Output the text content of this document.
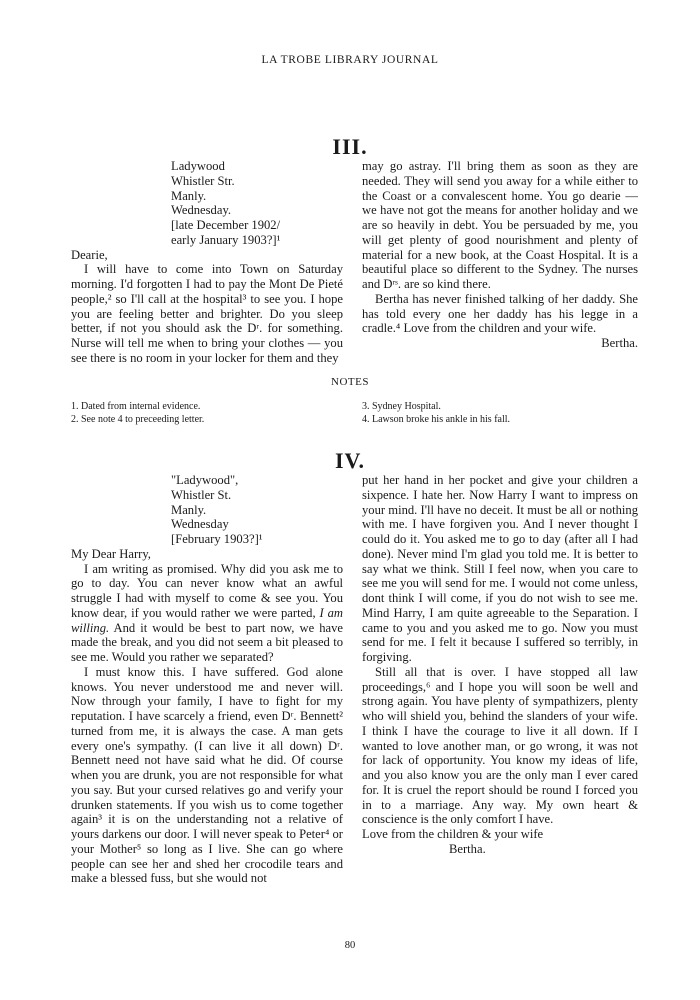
LA TROBE LIBRARY JOURNAL
III.
Ladywood
Whistler Str.
Manly.
Wednesday.
[late December 1902/
early January 1903?]¹

Dearie,

I will have to come into Town on Saturday morning. I'd forgotten I had to pay the Mont De Pieté people,² so I'll call at the hospital³ to see you. I hope you are feeling better and brighter. Do you sleep better, if not you should ask the Dʳ. for something. Nurse will tell me when to bring your clothes — you see there is no room in your locker for them and they

may go astray. I'll bring them as soon as they are needed. They will send you away for a while either to the Coast or a convalescent home. You go dearie — we have not got the means for another holiday and we are so heavily in debt. You be persuaded by me, you will get plenty of good nourishment and plenty of material for a new book, at the Coast Hospital. It is a beautiful place so different to the Sydney. The nurses and Dʳˢ. are so kind there.

Bertha has never finished talking of her daddy. She has told every one her daddy has his legge in a cradle.⁴ Love from the children and your wife.

Bertha.

NOTES
1. Dated from internal evidence.
2. See note 4 to preceeding letter.
3. Sydney Hospital.
4. Lawson broke his ankle in his fall.
IV.
"Ladywood",
Whistler St.
Manly.
Wednesday
[February 1903?]¹

My Dear Harry,

I am writing as promised. Why did you ask me to go to day. You can never know what an awful struggle I had with myself to come & see you. You know dear, if you would rather we were parted, I am willing. And it would be best to part now, we have made the break, and you did not seem a bit pleased to see me. Would you rather we separated?

I must know this. I have suffered. God alone knows. You never understood me and never will. Now through your family, I have to fight for my reputation. I have scarcely a friend, even Dʳ. Bennett² turned from me, it is always the case. A man gets every one's sympathy. (I can live it all down) Dʳ. Bennett need not have said what he did. Of course when you are drunk, you are not responsible for what you say. But your cursed relatives go and verify your drunken statements. If you wish us to come together again³ it is on the understanding not a relative of yours darkens our door. I will never speak to Peter⁴ or your Mother⁵ so long as I live. She can go where people can see her and shed her crocodile tears and make a blessed fuss, but she would not

put her hand in her pocket and give your children a sixpence. I hate her. Now Harry I want to impress on your mind. I'll have no deceit. It must be all or nothing with me. I have forgiven you. And I never thought I could do it. You asked me to go to day (after all I had done). Never mind I'm glad you told me. It is better to say what we think. Still I feel now, when you care to see me you will send for me. I would not come unless, dont think I will come, if you do not wish to see me. Mind Harry, I am quite agreeable to the Separation. I came to you and you asked me to go. Now you must send for me. I felt it because I suffered so terribly, in forgiving.

Still all that is over. I have stopped all law proceedings,⁶ and I hope you will soon be well and strong again. You have plenty of sympathizers, plenty who will shield you, behind the slanders of your wife. I think I have the courage to live it all down. If I wanted to love another man, or go wrong, it was not for lack of opportunity. You know my ideas of life, and you also know you are the only man I ever cared for. It is cruel the report should be round I forced you in to a marriage. Any way. My own heart & conscience is the only comfort I have.

Love from the children & your wife

Bertha.

80
